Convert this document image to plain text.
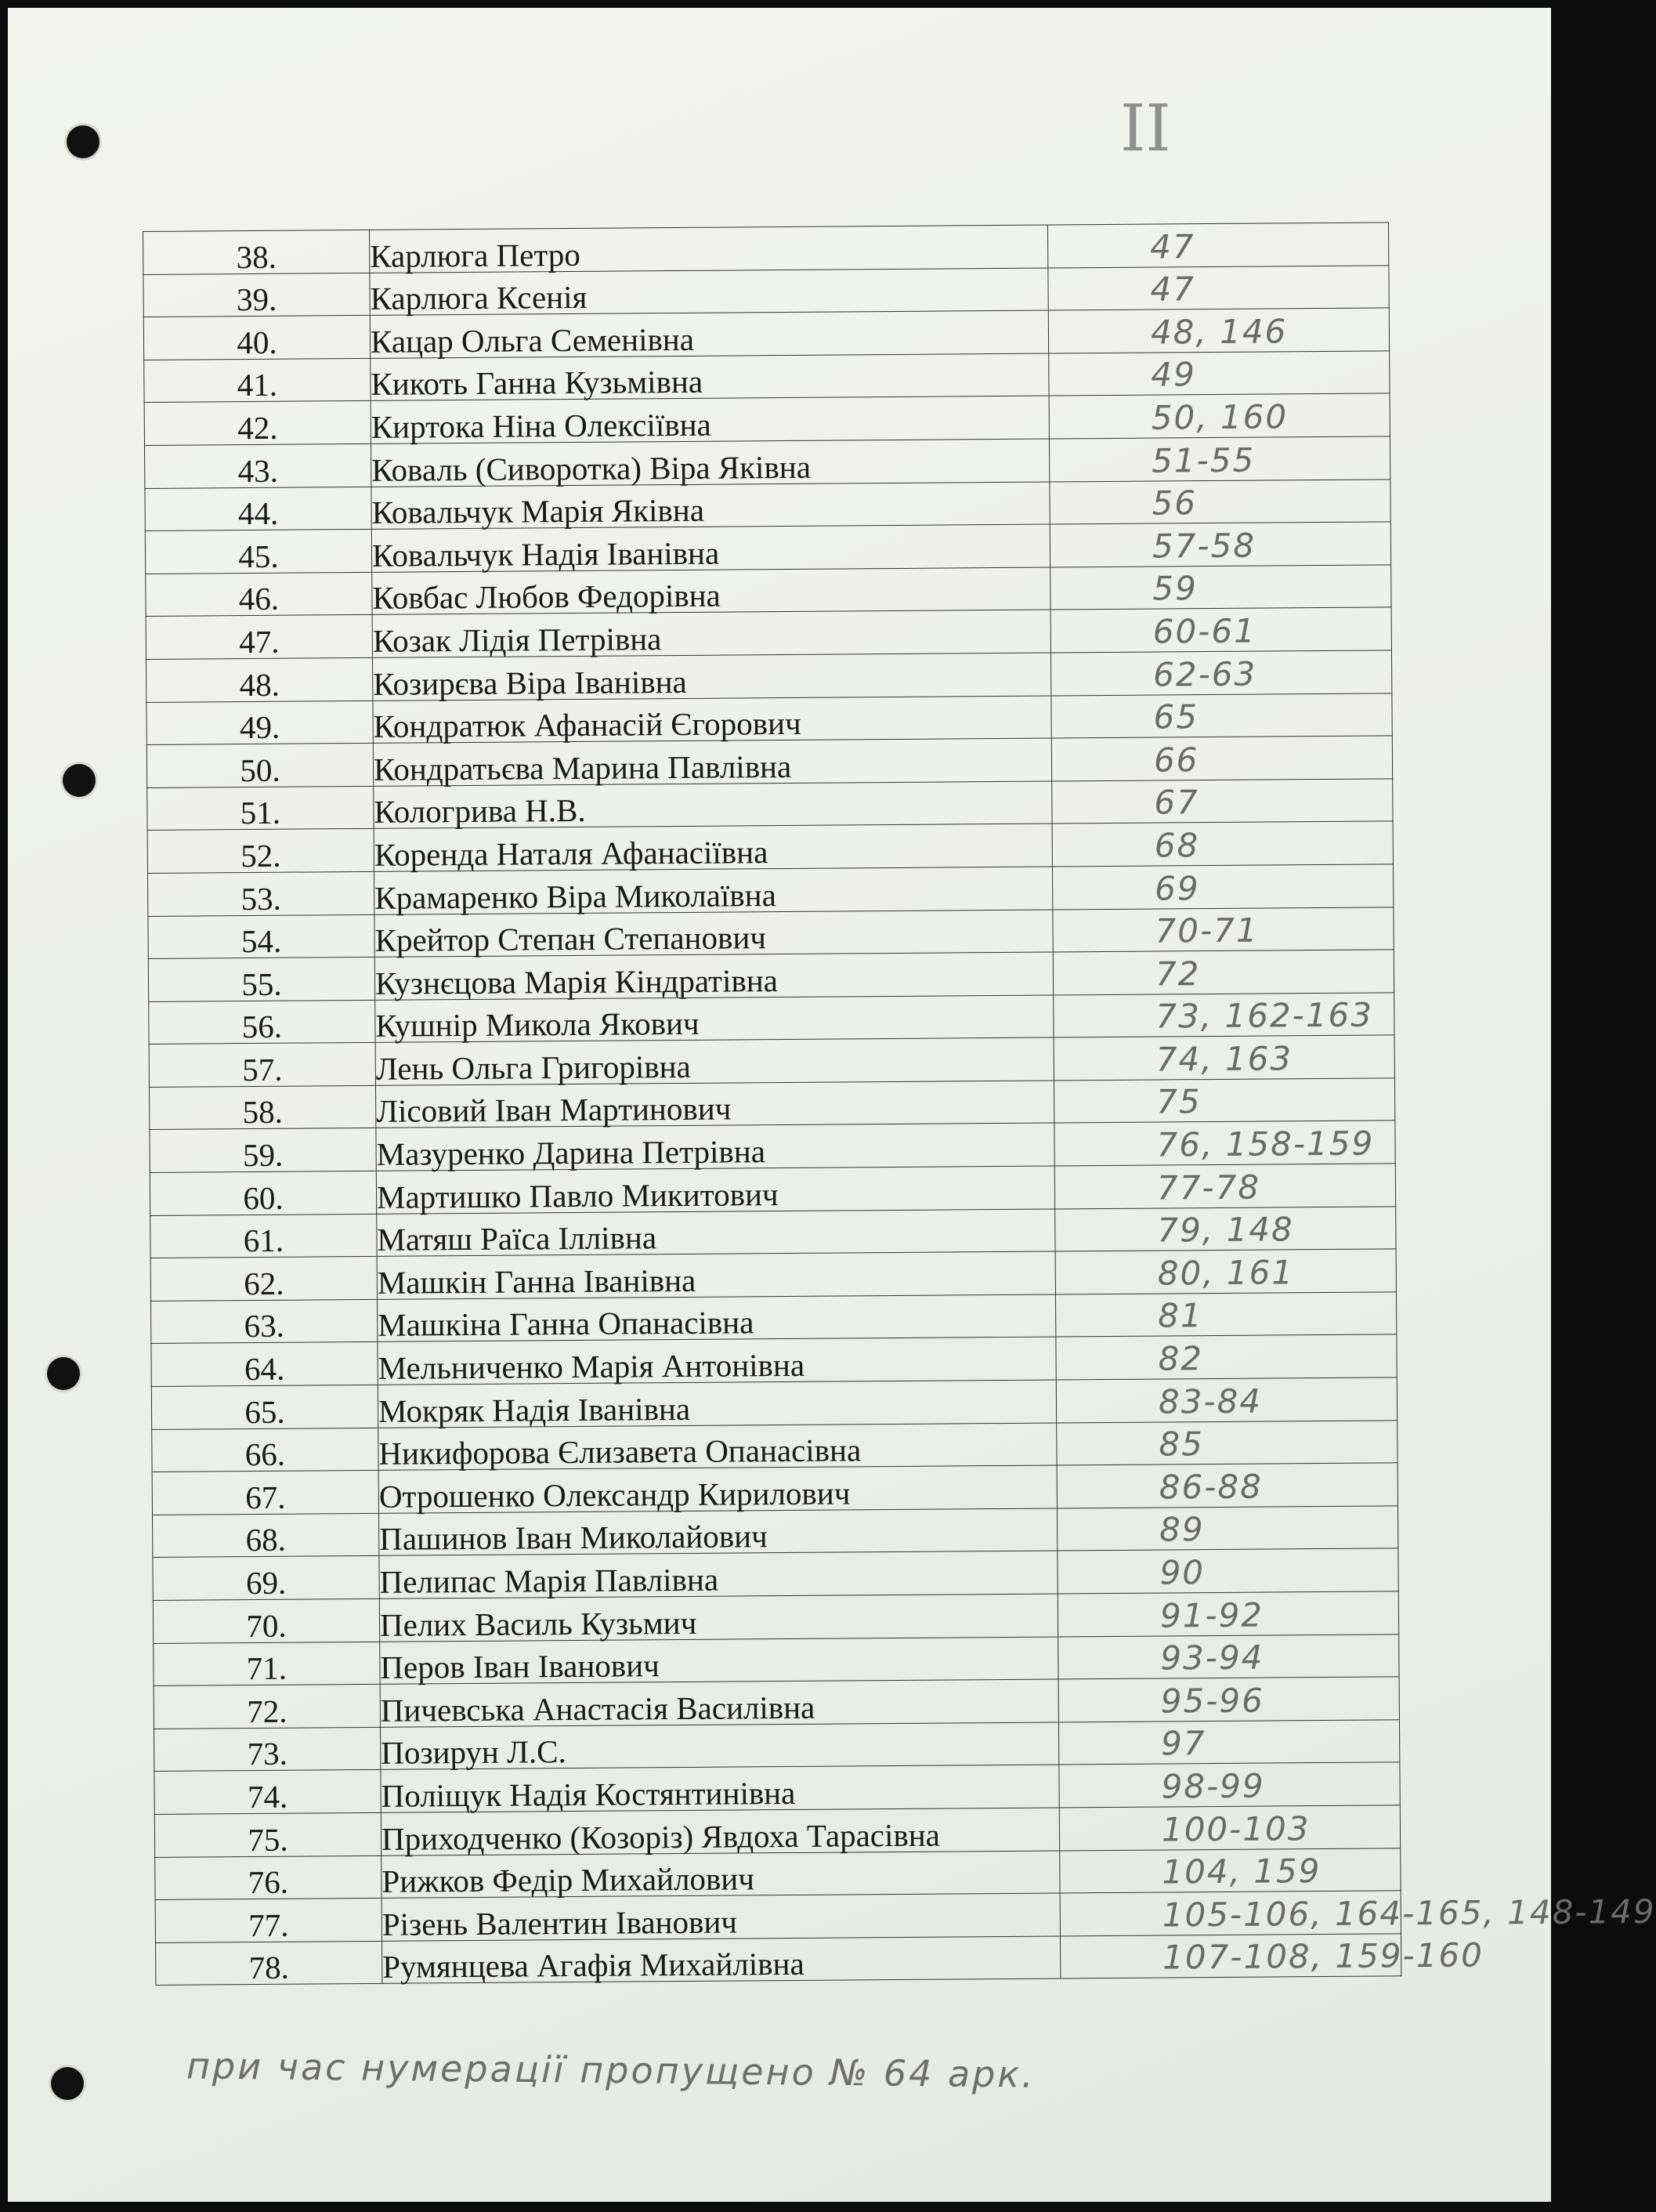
II
38.	Карлюга Петро	47

39.	Карлюга Ксенія	47

40.	Кацар Ольга Семенівна	48, 146

41.	Кикоть Ганна Кузьмівна	49

42.	Киртока Ніна Олексіївна	50, 160

43.	Коваль (Сиворотка) Віра Яківна	51-55

44.	Ковальчук Марія Яківна	56

45.	Ковальчук Надія Іванівна	57-58

46.	Ковбас Любов Федорівна	59

47.	Козак Лідія Петрівна	60-61

48.	Козирєва Віра Іванівна	62-63

49.	Кондратюк Афанасій Єгорович	65

50.	Кондратьєва Марина Павлівна	66

51.	Кологрива Н.В.	67

52.	Коренда Наталя Афанасіївна	68

53.	Крамаренко Віра Миколаївна	69

54.	Крейтор Степан Степанович	70-71

55.	Кузнєцова Марія Кіндратівна	72

56.	Кушнір Микола Якович	73, 162-163

57.	Лень Ольга Григорівна	74, 163

58.	Лісовий Іван Мартинович	75

59.	Мазуренко Дарина Петрівна	76, 158-159

60.	Мартишко Павло Микитович	77-78

61.	Матяш Раїса Іллівна	79, 148

62.	Машкін Ганна Іванівна	80, 161

63.	Машкіна Ганна Опанасівна	81

64.	Мельниченко Марія Антонівна	82

65.	Мокряк Надія Іванівна	83-84

66.	Никифорова Єлизавета Опанасівна	85

67.	Отрошенко Олександр Кирилович	86-88

68.	Пашинов Іван Миколайович	89

69.	Пелипас Марія Павлівна	90

70.	Пелих Василь Кузьмич	91-92

71.	Перов Іван Іванович	93-94

72.	Пичевська Анастасія Василівна	95-96

73.	Позирун Л.С.	97

74.	Поліщук Надія Костянтинівна	98-99

75.	Приходченко (Козоріз) Явдоха Тарасівна	100-103

76.	Рижков Федір Михайлович	104, 159

77.	Різень Валентин Іванович	105-106, 164-165, 148-149

78.	Румянцева Агафія Михайлівна	107-108, 159-160
при час нумерації пропущено № 64 арк.
